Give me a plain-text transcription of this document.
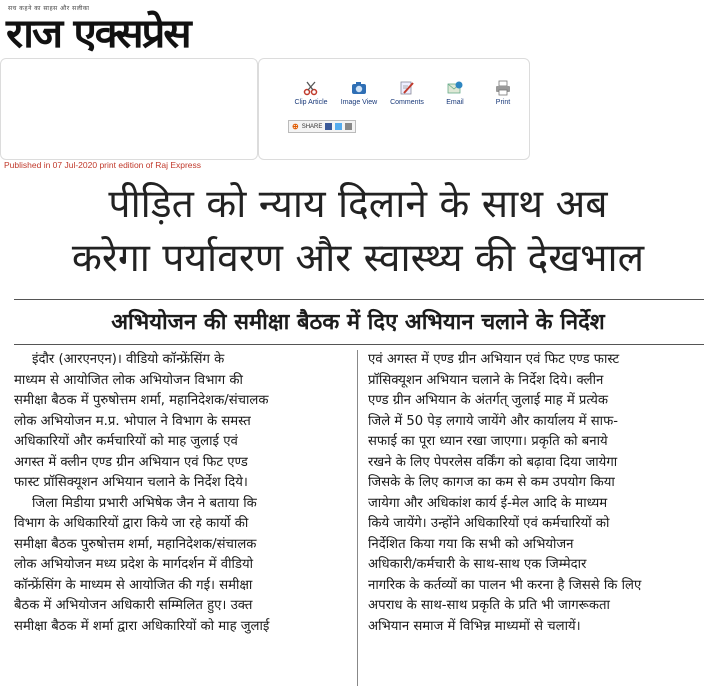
सच कहने का साहस और सलीका
राज एक्सप्रेस
Clip Article Image View Comments	Email	Print
⊕ SHARE
Published in 07 Jul-2020 print edition of Raj Express
पीड़ित को न्याय दिलाने के साथ अब
करेगा पर्यावरण और स्वास्थ्य की देखभाल
अभियोजन की समीक्षा बैठक में दिए अभियान चलाने के निर्देश
इंदौर (आरएनएन)। वीडियो कॉन्फ्रेंसिंग के
माध्यम से आयोजित लोक अभियोजन विभाग की
समीक्षा बैठक में पुरुषोत्तम शर्मा, महानिदेशक/संचालक
लोक अभियोजन म.प्र. भोपाल ने विभाग के समस्त
अधिकारियों और कर्मचारियों को माह जुलाई एवं
अगस्त में क्लीन एण्ड ग्रीन अभियान एवं फिट एण्ड
फास्ट प्रॉसिक्यूशन अभियान चलाने के निर्देश दिये।
जिला मिडीया प्रभारी अभिषेक जैन ने बताया कि
विभाग के अधिकारियों द्वारा किये जा रहे कार्यो की
समीक्षा बैठक पुरुषोत्तम शर्मा, महानिदेशक/संचालक
लोक अभियोजन मध्य प्रदेश के मार्गदर्शन में वीडियो
कॉन्फ्रेंसिंग के माध्यम से आयोजित की गई। समीक्षा
बैठक में अभियोजन अधिकारी सम्मिलित हुए। उक्त
समीक्षा बैठक में शर्मा द्वारा अधिकारियों को माह जुलाई
एवं अगस्त में एण्ड ग्रीन अभियान एवं फिट एण्ड फास्ट
प्रॉसिक्यूशन अभियान चलाने के निर्देश दिये। क्लीन
एण्ड ग्रीन अभियान के अंतर्गत् जुलाई माह में प्रत्येक
जिले में 50 पेड़ लगाये जायेंगे और कार्यालय में साफ-
सफाई का पूरा ध्यान रखा जाएगा। प्रकृति को बनाये
रखने के लिए पेपरलेस वर्किंग को बढ़ावा दिया जायेगा
जिसके के लिए कागज का कम से कम उपयोग किया
जायेगा और अधिकांश कार्य ई-मेल आदि के माध्यम
किये जायेंगे। उन्होंने अधिकारियों एवं कर्मचारियों को
निर्देशित किया गया कि सभी को अभियोजन
अधिकारी/कर्मचारी के साथ-साथ एक जिम्मेदार
नागरिक के कर्तव्यों का पालन भी करना है जिससे कि लिए
अपराध के साथ-साथ प्रकृति के प्रति भी जागरूकता
अभियान समाज में विभिन्न माध्यमों से चलायें।
